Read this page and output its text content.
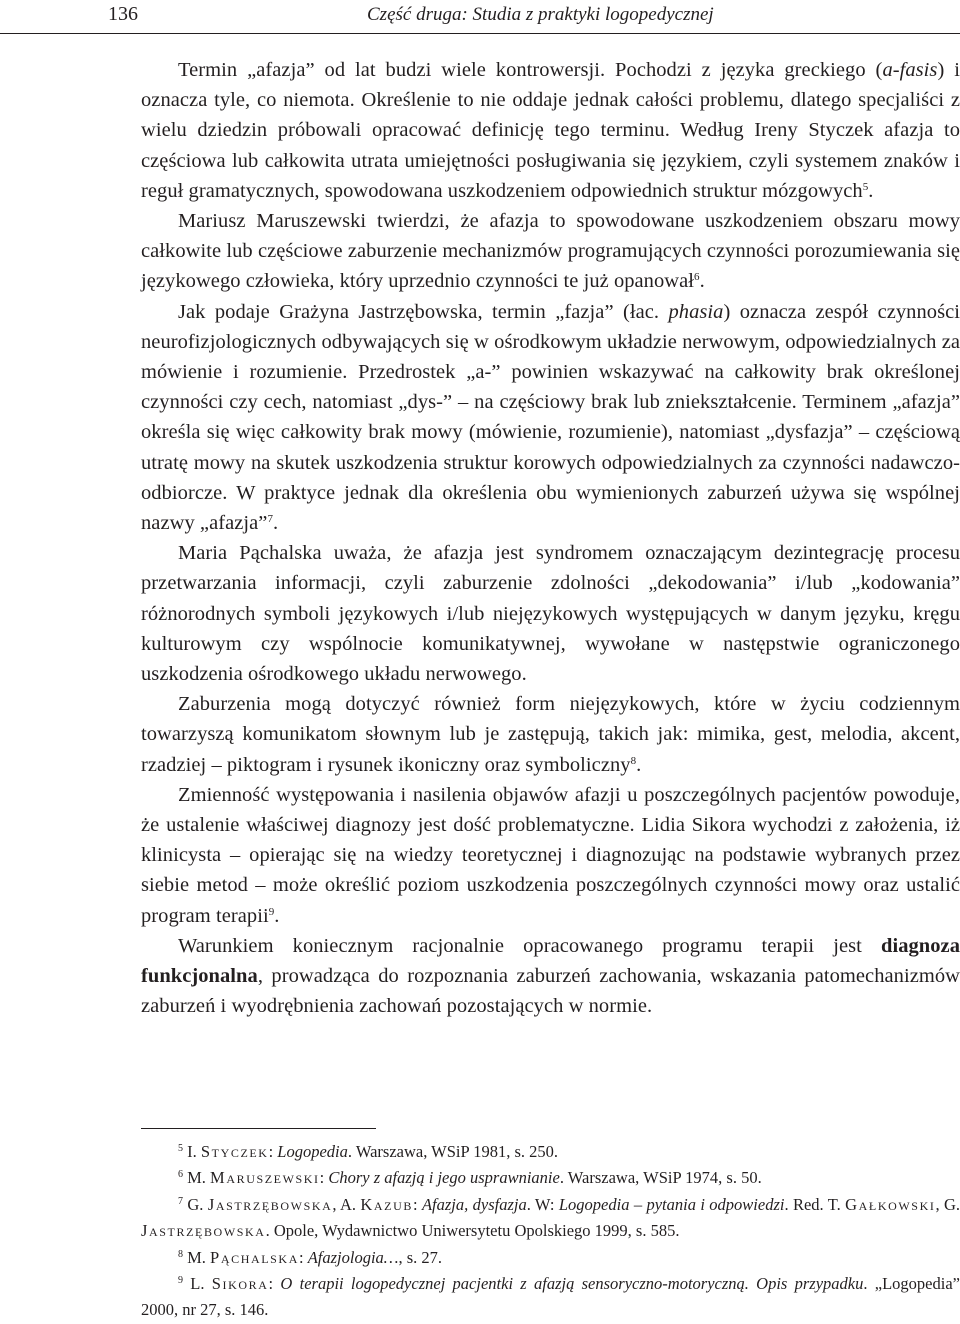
136	Część druga: Studia z praktyki logopedycznej

Termin „afazja” od lat budzi wiele kontrowersji. Pochodzi z języka greckiego (a-fasis) i oznacza tyle, co niemota. Określenie to nie oddaje jednak całości problemu, dlatego specjaliści z wielu dziedzin próbowali opracować definicję tego terminu. Według Ireny Styczek afazja to częściowa lub całkowita utrata umiejętności posługiwania się językiem, czyli systemem znaków i reguł gramatycznych, spowodowana uszkodzeniem odpowiednich struktur mózgowych$^5$.

Mariusz Maruszewski twierdzi, że afazja to spowodowane uszkodzeniem obszaru mowy całkowite lub częściowe zaburzenie mechanizmów programujących czynności porozumiewania się językowego człowieka, który uprzednio czynności te już opanował$^6$.

Jak podaje Grażyna Jastrzębowska, termin „fazja” (łac. phasia) oznacza zespół czynności neurofizjologicznych odbywających się w ośrodkowym układzie nerwowym, odpowiedzialnych za mówienie i rozumienie. Przedrostek „a-” powinien wskazywać na całkowity brak określonej czynności czy cech, natomiast „dys-” – na częściowy brak lub zniekształcenie. Terminem „afazja” określa się więc całkowity brak mowy (mówienie, rozumienie), natomiast „dysfazja” – częściową utratę mowy na skutek uszkodzenia struktur korowych odpowiedzialnych za czynności nadawczo-odbiorcze. W praktyce jednak dla określenia obu wymienionych zaburzeń używa się wspólnej nazwy „afazja”$^7$.

Maria Pąchalska uważa, że afazja jest syndromem oznaczającym dezintegrację procesu przetwarzania informacji, czyli zaburzenie zdolności „dekodowania” i/lub „kodowania” różnorodnych symboli językowych i/lub niejęzykowych występujących w danym języku, kręgu kulturowym czy wspólnocie komunikatywnej, wywołane w następstwie ograniczonego uszkodzenia ośrodkowego układu nerwowego.

Zaburzenia mogą dotyczyć również form niejęzykowych, które w życiu codziennym towarzyszą komunikatom słownym lub je zastępują, takich jak: mimika, gest, melodia, akcent, rzadziej – piktogram i rysunek ikoniczny oraz symboliczny$^8$.

Zmienność występowania i nasilenia objawów afazji u poszczególnych pacjentów powoduje, że ustalenie właściwej diagnozy jest dość problematyczne. Lidia Sikora wychodzi z założenia, iż klinicysta – opierając się na wiedzy teoretycznej i diagnozując na podstawie wybranych przez siebie metod – może określić poziom uszkodzenia poszczególnych czynności mowy oraz ustalić program terapii$^9$.

Warunkiem koniecznym racjonalnie opracowanego programu terapii jest diagnoza funkcjonalna, prowadząca do rozpoznania zaburzeń zachowania, wskazania patomechanizmów zaburzeń i wyodrębnienia zachowań pozostających w normie.

$^5$ I. Styczek: Logopedia. Warszawa, WSiP 1981, s. 250.

$^6$ M. Maruszewski: Chory z afazją i jego usprawnianie. Warszawa, WSiP 1974, s. 50.

$^7$ G. Jastrzębowska, A. Kazub: Afazja, dysfazja. W: Logopedia – pytania i odpowiedzi. Red. T. Gałkowski, G. Jastrzębowska. Opole, Wydawnictwo Uniwersytetu Opolskiego 1999, s. 585.

$^8$ M. Pąchalska: Afazjologia…, s. 27.

$^9$ L. Sikora: O terapii logopedycznej pacjentki z afazją sensoryczno-motoryczną. Opis przypadku. „Logopedia” 2000, nr 27, s. 146.
